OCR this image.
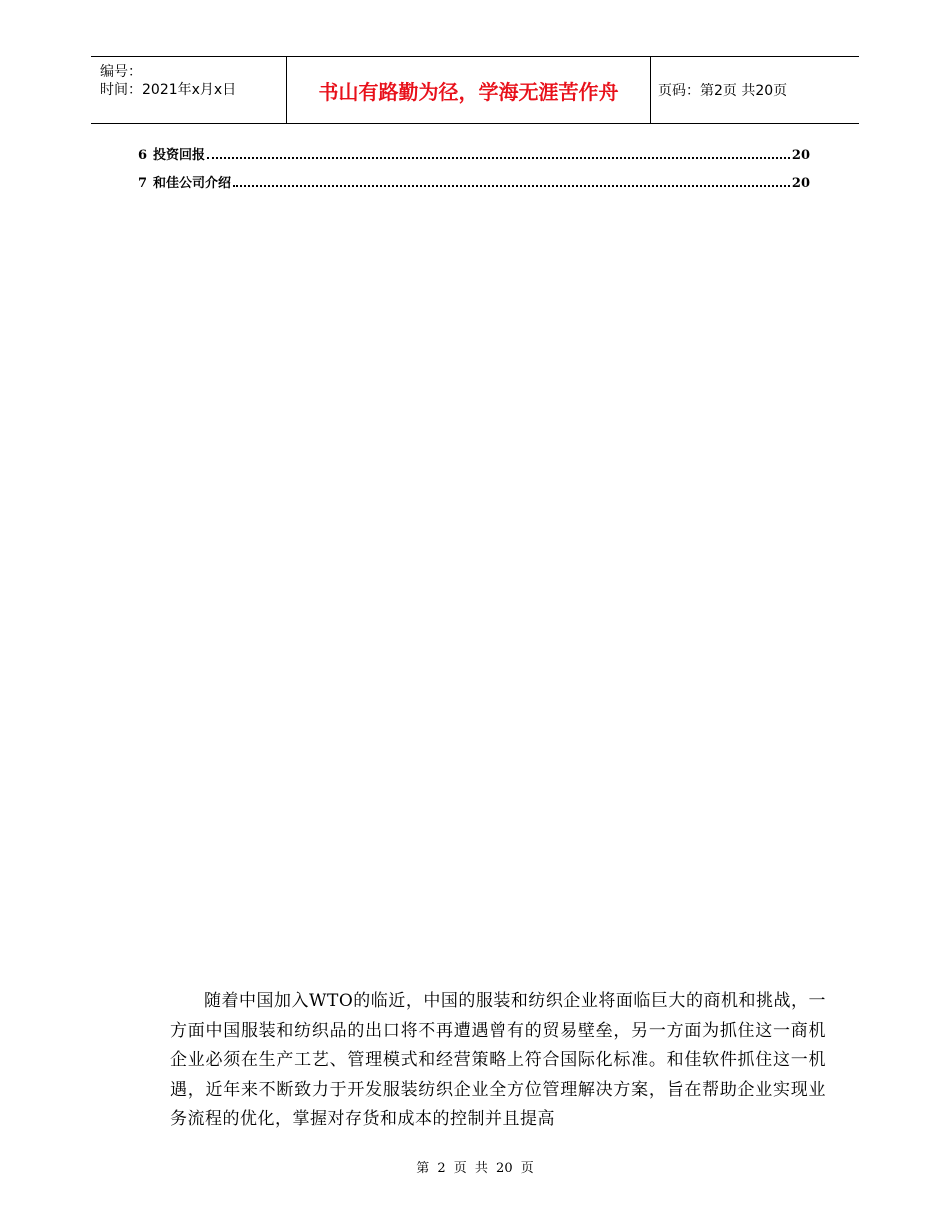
编号：
时间：2021年x月x日	书山有路勤为径，学海无涯苦作舟	页码：第2页 共20页
6 投资回报	20
7 和佳公司介绍	20

随着中国加入WTO的临近，中国的服装和纺织企业将面临巨大的商机和挑战，一方面中国服装和纺织品的出口将不再遭遇曾有的贸易壁垒，另一方面为抓住这一商机企业必须在生产工艺、管理模式和经营策略上符合国际化标准。和佳软件抓住这一机遇，近年来不断致力于开发服装纺织企业全方位管理解决方案，旨在帮助企业实现业务流程的优化，掌握对存货和成本的控制并且提高

第 2 页 共 20 页
